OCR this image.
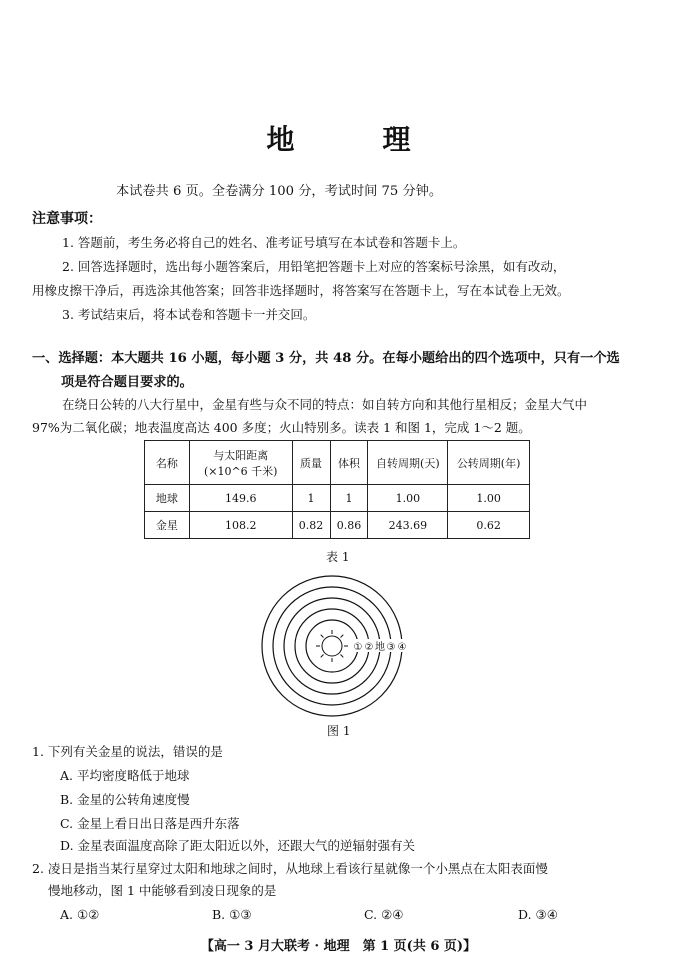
地　理
本试卷共 6 页。全卷满分 100 分，考试时间 75 分钟。
注意事项：
1. 答题前，考生务必将自己的姓名、准考证号填写在本试卷和答题卡上。
2. 回答选择题时，选出每小题答案后，用铅笔把答题卡上对应的答案标号涂黑，如有改动，
用橡皮擦干净后，再选涂其他答案；回答非选择题时，将答案写在答题卡上，写在本试卷上无效。
3. 考试结束后，将本试卷和答题卡一并交回。
一、选择题：本大题共 16 小题，每小题 3 分，共 48 分。在每小题给出的四个选项中，只有一个选
项是符合题目要求的。
在绕日公转的八大行星中，金星有些与众不同的特点：如自转方向和其他行星相反；金星大气中
97%为二氧化碳；地表温度高达 400 多度；火山特别多。读表 1 和图 1，完成 1～2 题。
名称	与太阳距离
(×10^6 千米)	质量	体积	自转周期(天)	公转周期(年)
地球	149.6	1	1	1.00	1.00
金星	108.2	0.82	0.86	243.69	0.62
表 1
① ② 地 ③ ④
图 1
1. 下列有关金星的说法，错误的是
A. 平均密度略低于地球
B. 金星的公转角速度慢
C. 金星上看日出日落是西升东落
D. 金星表面温度高除了距太阳近以外，还跟大气的逆辐射强有关
2. 凌日是指当某行星穿过太阳和地球之间时，从地球上看该行星就像一个小黑点在太阳表面慢
慢地移动，图 1 中能够看到凌日现象的是
A. ①②	B. ①③	C. ②④	D. ③④
【高一 3 月大联考 · 地理　第 1 页(共 6 页)】
